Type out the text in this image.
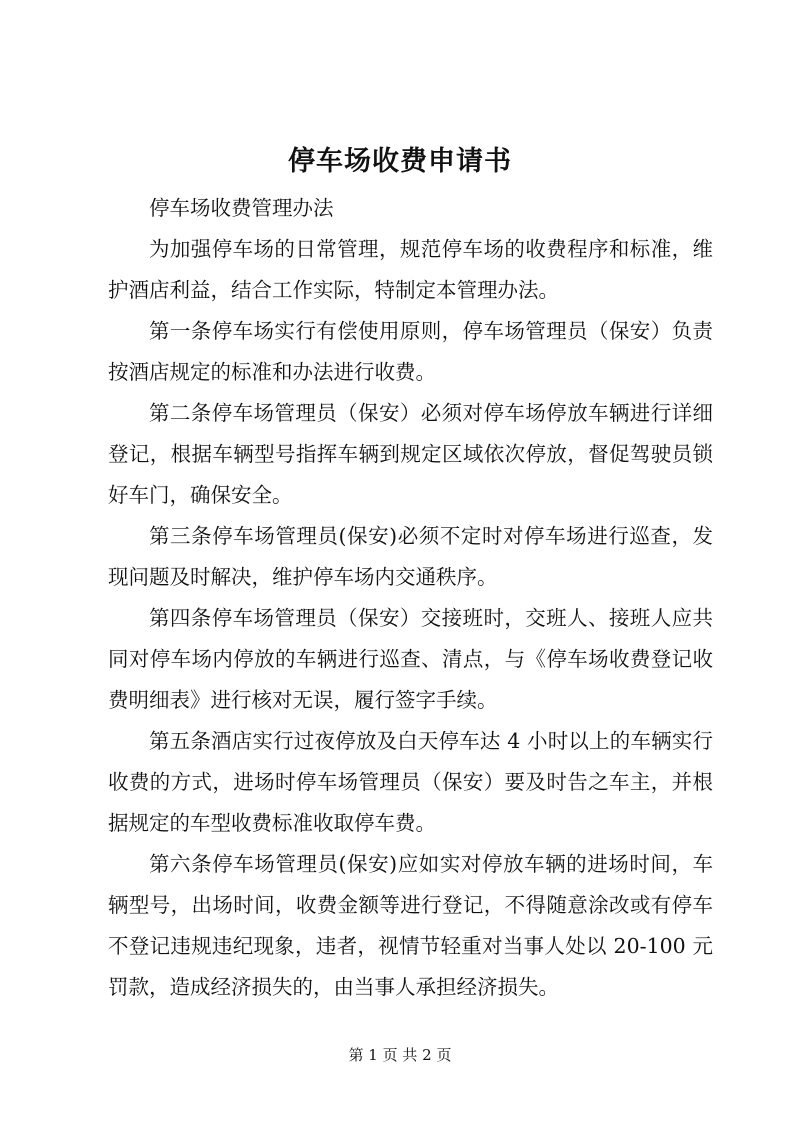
停车场收费申请书

停车场收费管理办法

为加强停车场的日常管理，规范停车场的收费程序和标准，维护酒店利益，结合工作实际，特制定本管理办法。

第一条停车场实行有偿使用原则，停车场管理员（保安）负责按酒店规定的标准和办法进行收费。

第二条停车场管理员（保安）必须对停车场停放车辆进行详细登记，根据车辆型号指挥车辆到规定区域依次停放，督促驾驶员锁好车门，确保安全。

第三条停车场管理员(保安)必须不定时对停车场进行巡查，发现问题及时解决，维护停车场内交通秩序。

第四条停车场管理员（保安）交接班时，交班人、接班人应共同对停车场内停放的车辆进行巡查、清点，与《停车场收费登记收费明细表》进行核对无误，履行签字手续。

第五条酒店实行过夜停放及白天停车达 4 小时以上的车辆实行收费的方式，进场时停车场管理员（保安）要及时告之车主，并根据规定的车型收费标准收取停车费。

第六条停车场管理员(保安)应如实对停放车辆的进场时间，车辆型号，出场时间，收费金额等进行登记，不得随意涂改或有停车不登记违规违纪现象，违者，视情节轻重对当事人处以 20-100 元罚款，造成经济损失的，由当事人承担经济损失。

第 1 页 共 2 页
